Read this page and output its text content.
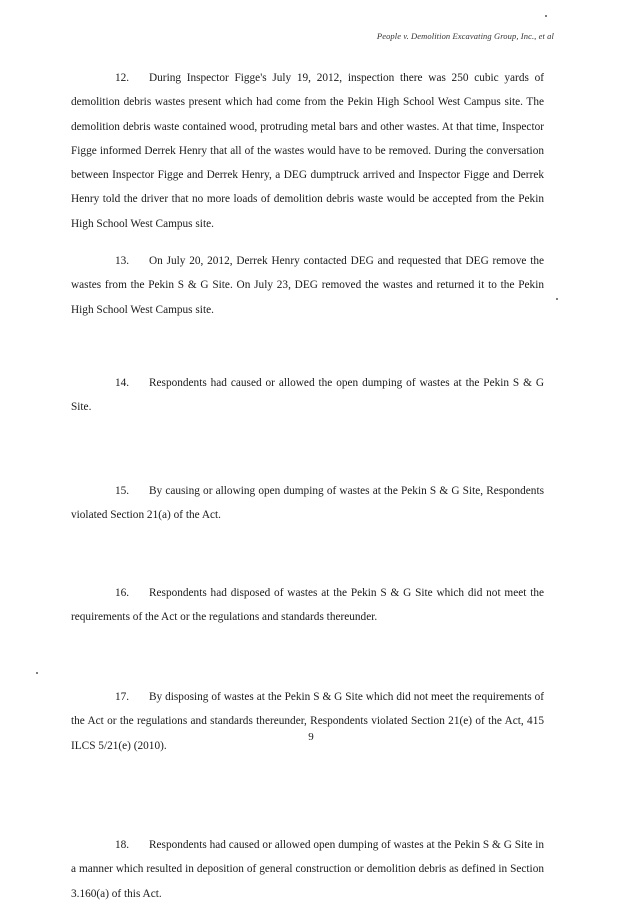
People v. Demolition Excavating Group, Inc., et al

12. During Inspector Figge's July 19, 2012, inspection there was 250 cubic yards of demolition debris wastes present which had come from the Pekin High School West Campus site. The demolition debris waste contained wood, protruding metal bars and other wastes. At that time, Inspector Figge informed Derrek Henry that all of the wastes would have to be removed. During the conversation between Inspector Figge and Derrek Henry, a DEG dumptruck arrived and Inspector Figge and Derrek Henry told the driver that no more loads of demolition debris waste would be accepted from the Pekin High School West Campus site.

13. On July 20, 2012, Derrek Henry contacted DEG and requested that DEG remove the wastes from the Pekin S & G Site. On July 23, DEG removed the wastes and returned it to the Pekin High School West Campus site.

14. Respondents had caused or allowed the open dumping of wastes at the Pekin S & G Site.

15. By causing or allowing open dumping of wastes at the Pekin S & G Site, Respondents violated Section 21(a) of the Act.

16. Respondents had disposed of wastes at the Pekin S & G Site which did not meet the requirements of the Act or the regulations and standards thereunder.

17. By disposing of wastes at the Pekin S & G Site which did not meet the requirements of the Act or the regulations and standards thereunder, Respondents violated Section 21(e) of the Act, 415 ILCS 5/21(e) (2010).

18. Respondents had caused or allowed open dumping of wastes at the Pekin S & G Site in a manner which resulted in deposition of general construction or demolition debris as defined in Section 3.160(a) of this Act.

9
